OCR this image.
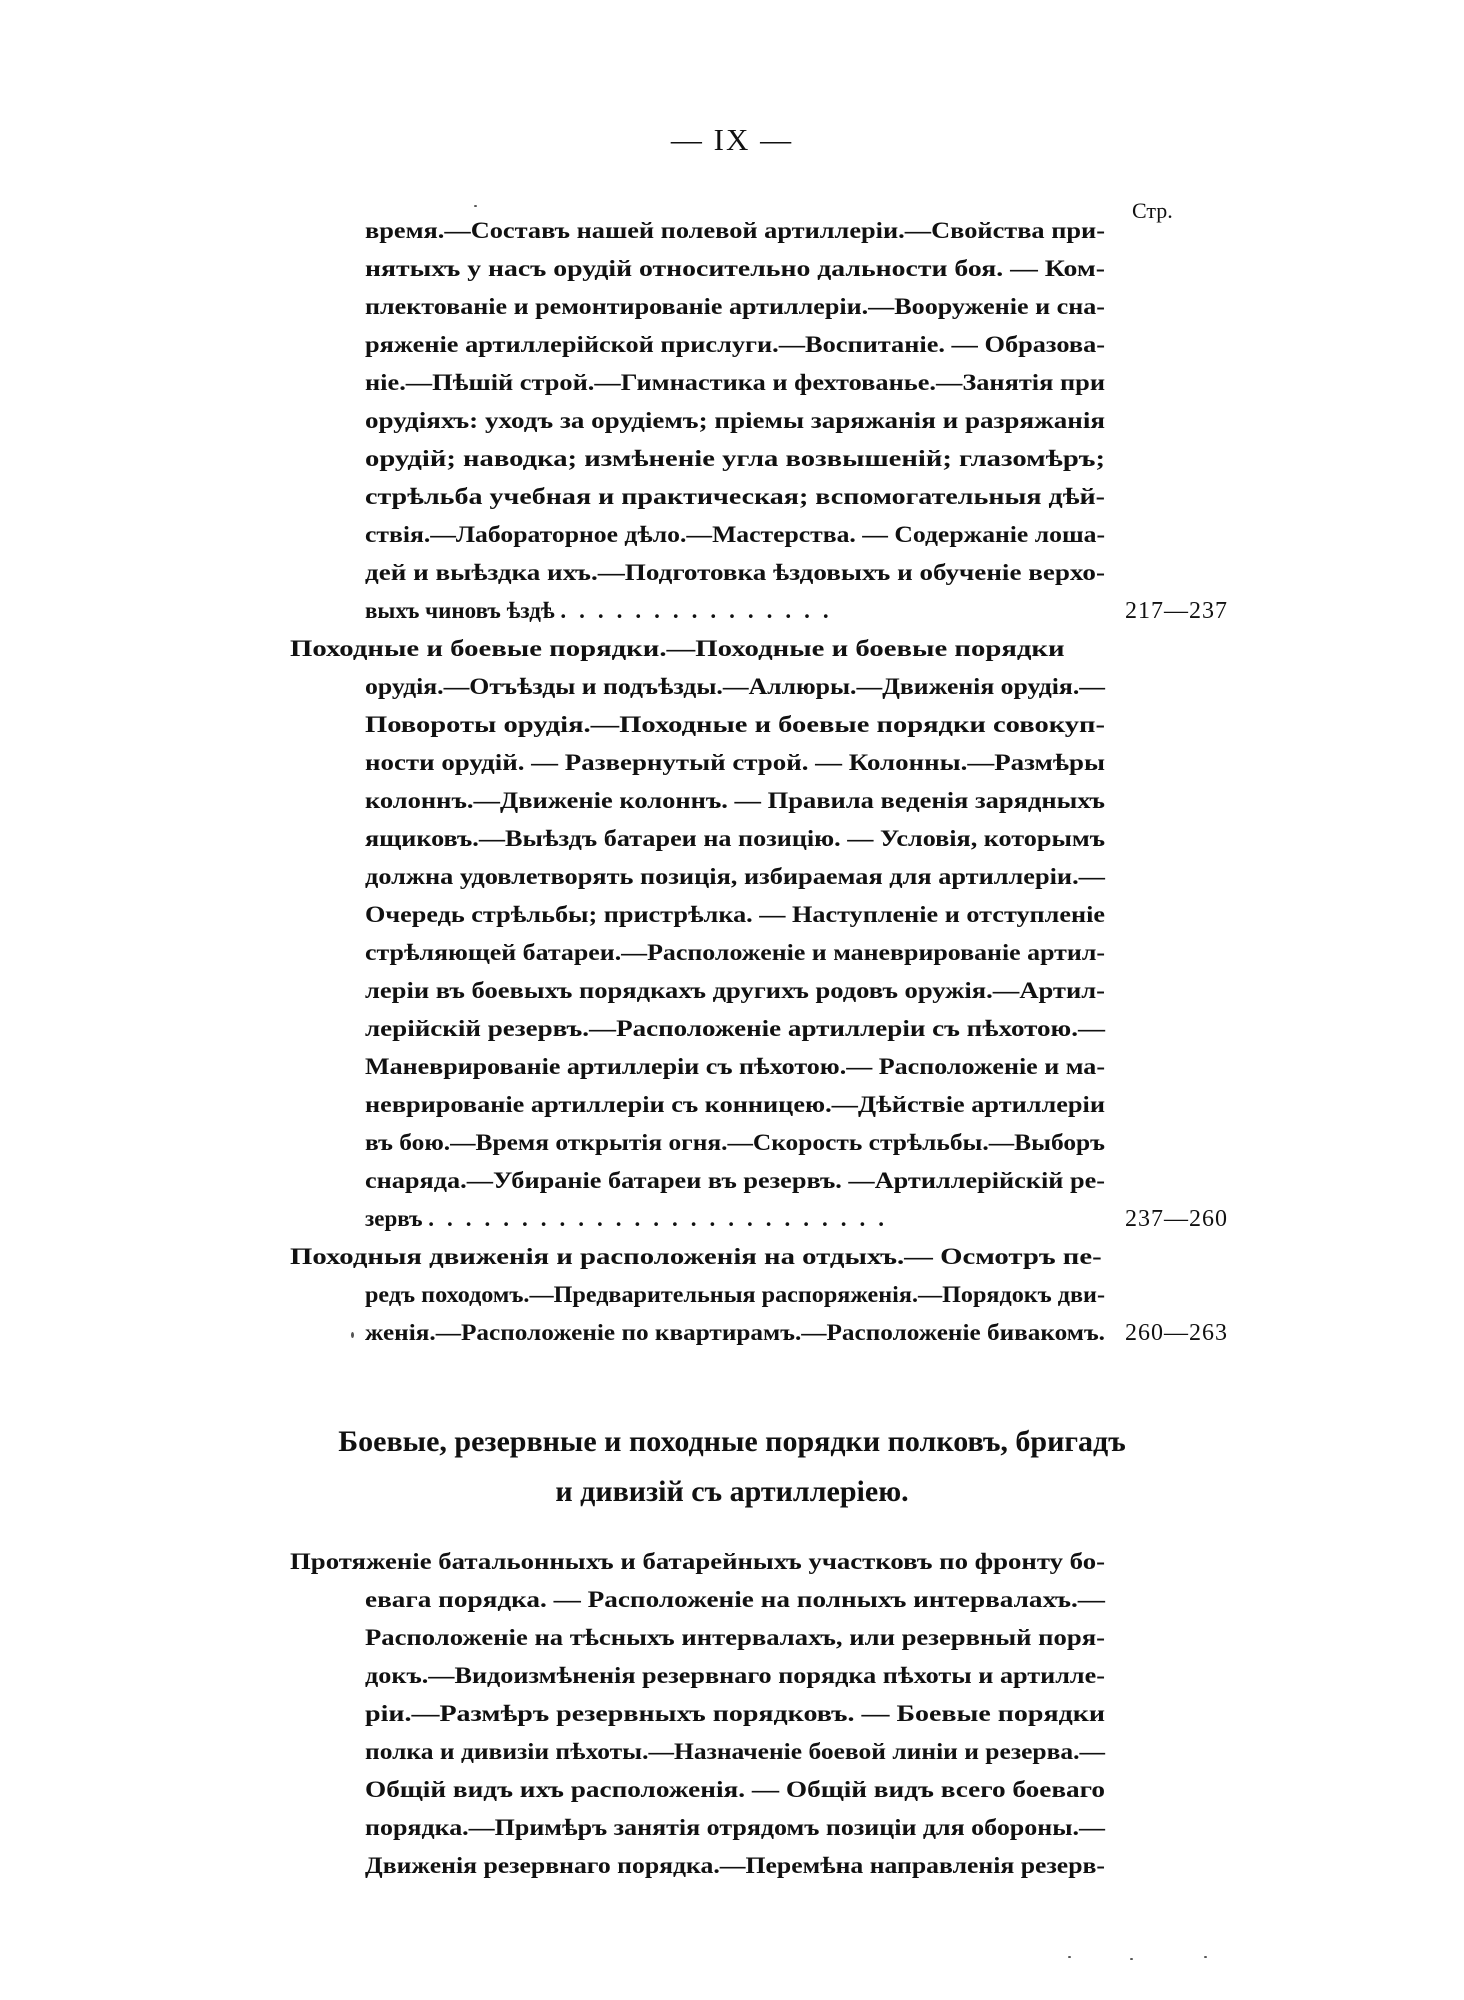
— IX —
Стр.
время.—Составъ нашей полевой артиллеріи.—Свойства при-
нятыхъ у насъ орудій относительно дальности боя. — Ком-
плектованіе и ремонтированіе артиллеріи.—Вооруженіе и сна-
ряженіе артиллерійской прислуги.—Воспитаніе. — Образова-
ніе.—Пѣшій строй.—Гимнастика и фехтованье.—Занятія при
орудіяхъ: уходъ за орудіемъ; пріемы заряжанія и разряжанія
орудій; наводка; измѣненіе угла возвышеній; глазомѣръ;
стрѣльба учебная и практическая; вспомогательныя дѣй-
ствія.—Лабораторное дѣло.—Мастерства. — Содержаніе лоша-
дей и выѣздка ихъ.—Подготовка ѣздовыхъ и обученіе верхо-
выхъ чиновъ ѣздѣ ...............	217—237
Походные и боевые порядки.—Походные и боевые порядки
орудія.—Отъѣзды и подъѣзды.—Аллюры.—Движенія орудія.—
Повороты орудія.—Походные и боевые порядки совокуп-
ности орудій. — Развернутый строй. — Колонны.—Размѣры
колоннъ.—Движеніе колоннъ. — Правила веденія зарядныхъ
ящиковъ.—Выѣздъ батареи на позицію. — Условія, которымъ
должна удовлетворять позиція, избираемая для артиллеріи.—
Очередь стрѣльбы; пристрѣлка. — Наступленіе и отступленіе
стрѣляющей батареи.—Расположеніе и маневрированіе артил-
леріи въ боевыхъ порядкахъ другихъ родовъ оружія.—Артил-
лерійскій резервъ.—Расположеніе артиллеріи съ пѣхотою.—
Маневрированіе артиллеріи съ пѣхотою.— Расположеніе и ма-
неврированіе артиллеріи съ конницею.—Дѣйствіе артиллеріи
въ бою.—Время открытія огня.—Скорость стрѣльбы.—Выборъ
снаряда.—Убираніе батареи въ резервъ. —Артиллерійскій ре-
зервъ .........................	237—260
Походныя движенія и расположенія на отдыхъ.— Осмотръ пе-
редъ походомъ.—Предварительныя распоряженія.—Порядокъ дви-
женія.—Расположеніе по квартирамъ.—Расположеніе бивакомъ. 260—263
Боевые, резервные и походные порядки полковъ, бригадъ
и дивизій съ артиллеріею.
Протяженіе батальонныхъ и батарейныхъ участковъ по фронту бо-
евага порядка. — Расположеніе на полныхъ интервалахъ.—
Расположеніе на тѣсныхъ интервалахъ, или резервный поря-
докъ.—Видоизмѣненія резервнаго порядка пѣхоты и артилле-
ріи.—Размѣръ резервныхъ порядковъ. — Боевые порядки
полка и дивизіи пѣхоты.—Назначеніе боевой линіи и резерва.—
Общій видъ ихъ расположенія. — Общій видъ всего боеваго
порядка.—Примѣръ занятія отрядомъ позиціи для обороны.—
Движенія резервнаго порядка.—Перемѣна направленія резерв-
